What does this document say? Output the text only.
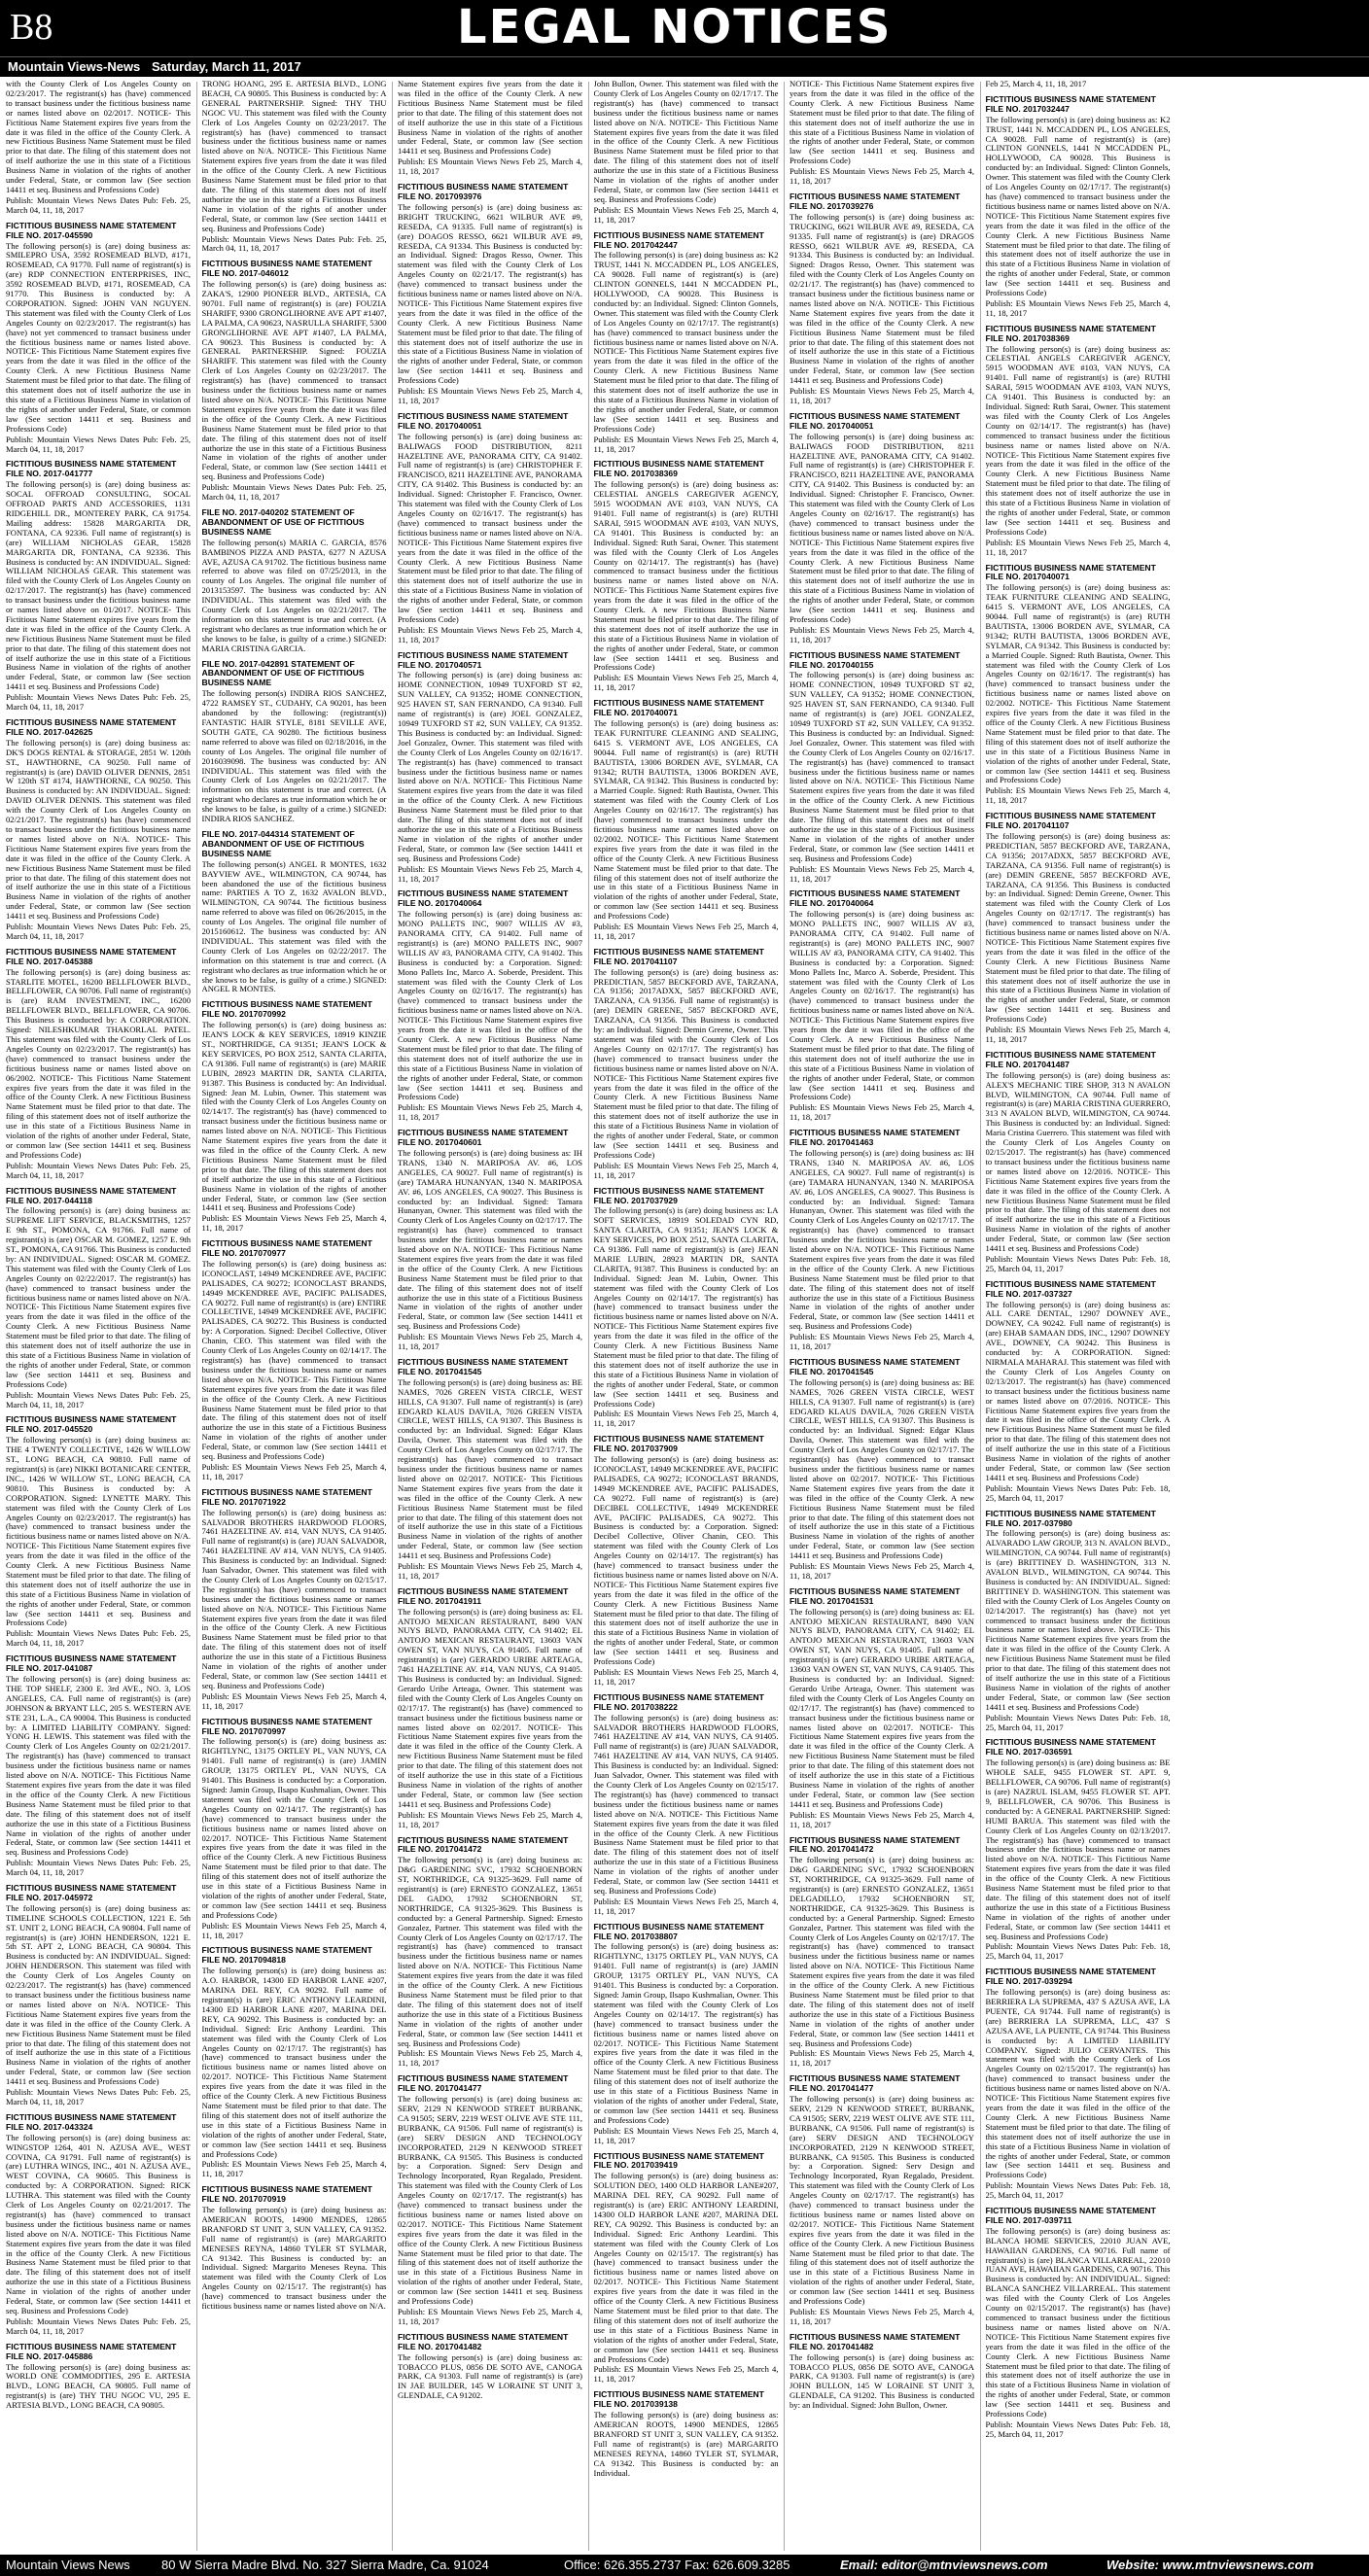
B8	LEGAL NOTICES
Mountain Views-News Saturday, March 11, 2017
with the County Clerk of Los Angeles County on 02/23/2017. The registrant(s) has (have) commenced to transact business under the fictitious business name or names listed above on 02/2017. NOTICE- This Fictitious Name Statement expires five years from the date it was filed in the office of the County Clerk. A new Fictitious Business Name Statement must be filed prior to that date. The filing of this statement does not of itself authorize the use in this state of a Fictitious Business Name in violation of the rights of another under Federal, State, or common law (See section 14411 et seq. Business and Professions Code)
Publish: Mountain Views News Dates Pub: Feb. 25, March 04, 11, 18, 2017
FICTITIOUS BUSINESS NAME STATEMENT FILE NO. 2017-045590
The following person(s) is (are) doing business as: SMILEPRO USA, 3592 ROSEMEAD BLVD, #171, ROSEMEAD, CA 91770. Full name of registrant(s) is (are) RDP CONNECTION ENTERPRISES, INC, 3592 ROSEMEAD BLVD, #171, ROSEMEAD, CA 91770. This Business is conducted by: A CORPORATION. Signed: JOHN VAN NGUYEN. This statement was filed with the County Clerk of Los Angeles County on 02/23/2017. The registrant(s) has (have) not yet commenced to transact business under the fictitious business name or names listed above. NOTICE- This Fictitious Name Statement expires five years from the date it was filed in the office of the County Clerk. A new Fictitious Business Name Statement must be filed prior to that date. The filing of this statement does not of itself authorize the use in this state of a Fictitious Business Name in violation of the rights of another under Federal, State, or common law (See section 14411 et seq. Business and Professions Code)
Publish: Mountain Views News Dates Pub: Feb. 25, March 04, 11, 18, 2017
FICTITIOUS BUSINESS NAME STATEMENT FILE NO. 2017-041777
The following person(s) is (are) doing business as: SOCAL OFFROAD CONSULTING, SOCAL OFFROAD PARTS AND ACCESSORIES, 1131 RIDGEHILL DR., MONTEREY PARK, CA 91754. Mailing address: 15828 MARGARITA DR, FONTANA, CA 92336. Full name of registrant(s) is (are) WILLIAM NICHOLAS GEAR, 15828 MARGARITA DR, FONTANA, CA 92336. This Business is conducted by: AN INDIVIDUAL. Signed: WILLIAM NICHOLAS GEAR. This statement was filed with the County Clerk of Los Angeles County on 02/17/2017. The registrant(s) has (have) commenced to transact business under the fictitious business name or names listed above on 01/2017. NOTICE- This Fictitious Name Statement expires five years from the date it was filed in the office of the County Clerk. A new Fictitious Business Name Statement must be filed prior to that date. The filing of this statement does not of itself authorize the use in this state of a Fictitious Business Name in violation of the rights of another under Federal, State, or common law (See section 14411 et seq. Business and Professions Code)
Publish: Mountain Views News Dates Pub: Feb. 25, March 04, 11, 18, 2017
FICTITIOUS BUSINESS NAME STATEMENT FILE NO. 2017-042625
The following person(s) is (are) doing business as: DK'S DOGS RENTAL & STORAGE, 2851 W. 120th ST., HAWTHORNE, CA 90250. Full name of registrant(s) is (are) DAVID OLIVER DENNIS, 2851 W 120th ST #174, HAWTHORNE, CA 90250. This Business is conducted by: AN INDIVIDUAL. Signed: DAVID OLIVER DENNIS. This statement was filed with the County Clerk of Los Angeles County on 02/21/2017. The registrant(s) has (have) commenced to transact business under the fictitious business name or names listed above on N/A. NOTICE- This Fictitious Name Statement expires five years from the date it was filed in the office of the County Clerk. A new Fictitious Business Name Statement must be filed prior to that date. The filing of this statement does not of itself authorize the use in this state of a Fictitious Business Name in violation of the rights of another under Federal, State, or common law (See section 14411 et seq. Business and Professions Code)
Publish: Mountain Views News Dates Pub: Feb. 25, March 04, 11, 18, 2017
FICTITIOUS BUSINESS NAME STATEMENT FILE NO. 2017-045388
The following person(s) is (are) doing business as: STARLITE MOTEL, 16200 BELLFLOWER BLVD., BELLFLOWER, CA 90706. Full name of registrant(s) is (are) RAM INVESTMENT, INC., 16200 BELLFLOWER BLVD., BELLFLOWER, CA 90706. This Business is conducted by: A CORPORATION. Signed: NILESHKUMAR THAKORLAL PATEL. This statement was filed with the County Clerk of Los Angeles County on 02/23/2017. The registrant(s) has (have) commenced to transact business under the fictitious business name or names listed above on 06/2002. NOTICE- This Fictitious Name Statement expires five years from the date it was filed in the office of the County Clerk. A new Fictitious Business Name Statement must be filed prior to that date. The filing of this statement does not of itself authorize the use in this state of a Fictitious Business Name in violation of the rights of another under Federal, State, or common law (See section 14411 et seq. Business and Professions Code)
Publish: Mountain Views News Dates Pub: Feb. 25, March 04, 11, 18, 2017
FICTITIOUS BUSINESS NAME STATEMENT FILE NO. 2017-044118
The following person(s) is (are) doing business as: SUPREME LIFT SERVICE, BLACKSMITHS, 1257 E 9th ST., POMONA, CA 91766. Full name of registrant(s) is (are) OSCAR M. GOMEZ, 1257 E. 9th ST., POMONA, CA 91766. This Business is conducted by: AN INDIVIDUAL. Signed: OSCAR M. GOMEZ. This statement was filed with the County Clerk of Los Angeles County on 02/22/2017. The registrant(s) has (have) commenced to transact business under the fictitious business name or names listed above on N/A. NOTICE- This Fictitious Name Statement expires five years from the date it was filed in the office of the County Clerk. A new Fictitious Business Name Statement must be filed prior to that date. The filing of this statement does not of itself authorize the use in this state of a Fictitious Business Name in violation of the rights of another under Federal, State, or common law (See section 14411 et seq. Business and Professions Code)
Publish: Mountain Views News Dates Pub: Feb. 25, March 04, 11, 18, 2017
FICTITIOUS BUSINESS NAME STATEMENT FILE NO. 2017-045520
The following person(s) is (are) doing business as: THE 4 TWENTY COLLECTIVE, 1426 W WILLOW ST., LONG BEACH, CA 90810. Full name of registrant(s) is (are) NIKKI BOTANICARE CENTER, INC., 1426 W WILLOW ST., LONG BEACH, CA 90810. This Business is conducted by: A CORPORATION. Signed: LYNETTE MARY. This statement was filed with the County Clerk of Los Angeles County on 02/23/2017. The registrant(s) has (have) commenced to transact business under the fictitious business name or names listed above on N/A. NOTICE- This Fictitious Name Statement expires five years from the date it was filed in the office of the County Clerk. A new Fictitious Business Name Statement must be filed prior to that date. The filing of this statement does not of itself authorize the use in this state of a Fictitious Business Name in violation of the rights of another under Federal, State, or common law (See section 14411 et seq. Business and Professions Code)
Publish: Mountain Views News Dates Pub: Feb. 25, March 04, 11, 18, 2017
FICTITIOUS BUSINESS NAME STATEMENT FILE NO. 2017-041087
The following person(s) is (are) doing business as: THE TOP SHELF, 2300 E. 3rd AVE., NO. 3, LOS ANGELES, CA. Full name of registrant(s) is (are) JOHNSON & BRYANT LLC, 205 S. WESTERN AVE STE 231, L.A., CA 90004. This Business is conducted by: A LIMITED LIABILITY COMPANY. Signed: YONG H. LEWIS. This statement was filed with the County Clerk of Los Angeles County on 02/21/2017. The registrant(s) has (have) commenced to transact business under the fictitious business name or names listed above on N/A. NOTICE- This Fictitious Name Statement expires five years from the date it was filed in the office of the County Clerk. A new Fictitious Business Name Statement must be filed prior to that date. The filing of this statement does not of itself authorize the use in this state of a Fictitious Business Name in violation of the rights of another under Federal, State, or common law (See section 14411 et seq. Business and Professions Code)
Publish: Mountain Views News Dates Pub: Feb. 25, March 04, 11, 18, 2017
FICTITIOUS BUSINESS NAME STATEMENT FILE NO. 2017-045972
The following person(s) is (are) doing business as: TIMELINE SCHOOLS COLLECTION, 1221 E. 5th ST. UNIT 2, LONG BEACH, CA 90804. Full name of registrant(s) is (are) JOHN HENDERSON, 1221 E. 5th ST. APT 2, LONG BEACH, CA 90804. This Business is conducted by: AN INDIVIDUAL. Signed: JOHN HENDERSON. This statement was filed with the County Clerk of Los Angeles County on 02/23/2017. The registrant(s) has (have) commenced to transact business under the fictitious business name or names listed above on N/A. NOTICE- This Fictitious Name Statement expires five years from the date it was filed in the office of the County Clerk. A new Fictitious Business Name Statement must be filed prior to that date. The filing of this statement does not of itself authorize the use in this state of a Fictitious Business Name in violation of the rights of another under Federal, State, or common law (See section 14411 et seq. Business and Professions Code)
Publish: Mountain Views News Dates Pub: Feb. 25, March 04, 11, 18, 2017
FICTITIOUS BUSINESS NAME STATEMENT FILE NO. 2017-043324
The following person(s) is (are) doing business as: WINGSTOP 1264, 401 N. AZUSA AVE., WEST COVINA, CA 91791. Full name of registrant(s) is (are) LUTHRA WINGS, INC., 401 N. AZUSA AVE., WEST COVINA, CA 90605. This Business is conducted by: A CORPORATION. Signed: RICK LUTHRA. This statement was filed with the County Clerk of Los Angeles County on 02/21/2017. The registrant(s) has (have) commenced to transact business under the fictitious business name or names listed above on N/A. NOTICE- This Fictitious Name Statement expires five years from the date it was filed in the office of the County Clerk. A new Fictitious Business Name Statement must be filed prior to that date. The filing of this statement does not of itself authorize the use in this state of a Fictitious Business Name in violation of the rights of another under Federal, State, or common law (See section 14411 et seq. Business and Professions Code)
Publish: Mountain Views News Dates Pub: Feb. 25, March 04, 11, 18, 2017
FICTITIOUS BUSINESS NAME STATEMENT FILE NO. 2017-045886
The following person(s) is (are) doing business as: WORLD ONE COMMODITIES, 295 E. ARTESIA BLVD., LONG BEACH, CA 90805. Full name of registrant(s) is (are) THY THU NGOC VU, 295 E. ARTESIA BLVD., LONG BEACH, CA 90805.
TRONG HOANG, 295 E. ARTESIA BLVD., LONG BEACH, CA 90805. This Business is conducted by: A GENERAL PARTNERSHIP. Signed: THY THU NGOC VU. This statement was filed with the County Clerk of Los Angeles County on 02/23/2017. The registrant(s) has (have) commenced to transact business under the fictitious business name or names listed above on N/A. NOTICE- This Fictitious Name Statement expires five years from the date it was filed in the office of the County Clerk. A new Fictitious Business Name Statement must be filed prior to that date. The filing of this statement does not of itself authorize the use in this state of a Fictitious Business Name in violation of the rights of another under Federal, State, or common law (See section 14411 et seq. Business and Professions Code)
Publish: Mountain Views News Dates Pub: Feb. 25, March 04, 11, 18, 2017
FICTITIOUS BUSINESS NAME STATEMENT FILE NO. 2017-046012
The following person(s) is (are) doing business as: ZAKA'S, 12900 PIONEER BLVD., ARTESIA, CA 90701. Full name of registrant(s) is (are) FOUZIA SHARIFF, 9300 GRONGLIHORNE AVE APT #1407, LA PALMA, CA 90623, NASRULLA SHARIFF, 5300 GRONGLIHORNE AVE APT #1407, LA PALMA, CA 90623. This Business is conducted by: A GENERAL PARTNERSHIP. Signed: FOUZIA SHARIFF. This statement was filed with the County Clerk of Los Angeles County on 02/23/2017. The registrant(s) has (have) commenced to transact business under the fictitious business name or names listed above on N/A. NOTICE- This Fictitious Name Statement expires five years from the date it was filed in the office of the County Clerk. A new Fictitious Business Name Statement must be filed prior to that date. The filing of this statement does not of itself authorize the use in this state of a Fictitious Business Name in violation of the rights of another under Federal, State, or common law (See section 14411 et seq. Business and Professions Code)
Publish: Mountain Views News Dates Pub: Feb. 25, March 04, 11, 18, 2017
FILE NO. 2017-040202 STATEMENT OF ABANDONMENT OF USE OF FICTITIOUS BUSINESS NAME
The following person(s) MARIA C. GARCIA, 8576 BAMBINOS PIZZA AND PASTA, 6277 N AZUSA AVE, AZUSA CA 91702. The fictitious business name referred to above was filed on 07/25/2013, in the county of Los Angeles. The original file number of 2013153597. The business was conducted by: AN INDIVIDUAL. This statement was filed with the County Clerk of Los Angeles on 02/21/2017. The information on this statement is true and correct. (A registrant who declares as true information which he or she knows to be false, is guilty of a crime.) SIGNED: MARIA CRISTINA GARCIA.
FILE NO. 2017-042891 STATEMENT OF ABANDONMENT OF USE OF FICTITIOUS BUSINESS NAME
The following person(s) INDIRA RIOS SANCHEZ, 4722 RAMSEY ST., CUDAHY, CA 90201, has been abandoned by the following: (registrant(s)) FANTASTIC HAIR STYLE, 8181 SEVILLE AVE, SOUTH GATE, CA 90280. The fictitious business name referred to above was filed on 02/18/2016, in the county of Los Angeles. The original file number of 2016039098. The business was conducted by: AN INDIVIDUAL. This statement was filed with the County Clerk of Los Angeles on 02/21/2017. The information on this statement is true and correct. (A registrant who declares as true information which he or she knows to be false, is guilty of a crime.) SIGNED: INDIRA RIOS SANCHEZ.
FILE NO. 2017-044314 STATEMENT OF ABANDONMENT OF USE OF FICTITIOUS BUSINESS NAME
The following person(s) ANGEL R MONTES, 1632 BAYVIEW AVE., WILMINGTON, CA 90744, has been abandoned the use of the fictitious business name: PARTIES A TO Z, 1632 AVALON BLVD., WILMINGTON, CA 90744. The fictitious business name referred to above was filed on 06/26/2015, in the county of Los Angeles. The original file number of 2015160612. The business was conducted by: AN INDIVIDUAL. This statement was filed with the County Clerk of Los Angeles on 02/22/2017. The information on this statement is true and correct. (A registrant who declares as true information which he or she knows to be false, is guilty of a crime.) SIGNED: ANGEL R MONTES.
FICTITIOUS BUSINESS NAME STATEMENT FILE NO. 2017070992
The following person(s) is (are) doing business as: JEAN'S LOCK & KEY SERVICES, 18919 KINZIE ST., NORTHRIDGE, CA 91351; JEAN'S LOCK & KEY SERVICES, PO BOX 2512, SANTA CLARITA, CA 91386. Full name of registrant(s) is (are) MARIE LUBIN, 28923 MARTIN DR, SANTA CLARITA, 91387. This Business is conducted by: An Individual. Signed: Jean M. Lubin, Owner. This statement was filed with the County Clerk of Los Angeles County on 02/14/17. The registrant(s) has (have) commenced to transact business under the fictitious business name or names listed above on N/A. NOTICE- This Fictitious Name Statement expires five years from the date it was filed in the office of the County Clerk. A new Fictitious Business Name Statement must be filed prior to that date. The filing of this statement does not of itself authorize the use in this state of a Fictitious Business Name in violation of the rights of another under Federal, State, or common law (See section 14411 et seq. Business and Professions Code)
Publish: ES Mountain Views News Feb 25, March 4, 11, 18, 2017
FICTITIOUS BUSINESS NAME STATEMENT FILE NO. 2017070977
The following person(s) is (are) doing business as: ICONOCLAST, 14949 MCKENDREE AVE, PACIFIC PALISADES, CA 90272; ICONOCLAST BRANDS, 14949 MCKENDREE AVE, PACIFIC PALISADES, CA 90272. Full name of registrant(s) is (are) ENTIRE COLLECTIVE, 14949 MCKENDREE AVE, PACIFIC PALISADES, CA 90272. This Business is conducted by: A Corporation. Signed: Decibel Collective, Oliver Chanin, CEO. This statement was filed with the County Clerk of Los Angeles County on 02/14/17. The registrant(s) has (have) commenced to transact business under the fictitious business name or names listed above on N/A. NOTICE- This Fictitious Name Statement expires five years from the date it was filed in the office of the County Clerk. A new Fictitious Business Name Statement must be filed prior to that date. The filing of this statement does not of itself authorize the use in this state of a Fictitious Business Name in violation of the rights of another under Federal, State, or common law (See section 14411 et seq. Business and Professions Code)
Publish: ES Mountain Views News Feb 25, March 4, 11, 18, 2017
FICTITIOUS BUSINESS NAME STATEMENT FILE NO. 2017071922
The following person(s) is (are) doing business as: SALVADOR BROTHERS HARDWOOD FLOORS, 7461 HAZELTINE AV. #14, VAN NUYS, CA 91405. Full name of registrant(s) is (are) JUAN SALVADOR, 7461 HAZELTINE AV #14, VAN NUYS, CA 91405. This Business is conducted by: an Individual. Signed: Juan Salvador, Owner. This statement was filed with the County Clerk of Los Angeles County on 02/15/17. The registrant(s) has (have) commenced to transact business under the fictitious business name or names listed above on N/A. NOTICE- This Fictitious Name Statement expires five years from the date it was filed in the office of the County Clerk. A new Fictitious Business Name Statement must be filed prior to that date. The filing of this statement does not of itself authorize the use in this state of a Fictitious Business Name in violation of the rights of another under Federal, State, or common law (See section 14411 et seq. Business and Professions Code)
Publish: ES Mountain Views News Feb 25, March 4, 11, 18, 2017
FICTITIOUS BUSINESS NAME STATEMENT FILE NO. 2017070997
The following person(s) is (are) doing business as: RIGHTLYNC, 13175 ORTLEY PL, VAN NUYS, CA 91401. Full name of registrant(s) is (are) JAMIN GROUP, 13175 ORTLEY PL, VAN NUYS, CA 91401. This Business is conducted by: a Corporation. Signed: Jamin Group, Ilsapo Kushmalian, Owner. This statement was filed with the County Clerk of Los Angeles County on 02/14/17. The registrant(s) has (have) commenced to transact business under the fictitious business name or names listed above on 02/2017. NOTICE- This Fictitious Name Statement expires five years from the date it was filed in the office of the County Clerk. A new Fictitious Business Name Statement must be filed prior to that date. The filing of this statement does not of itself authorize the use in this state of a Fictitious Business Name in violation of the rights of another under Federal, State, or common law (See section 14411 et seq. Business and Professions Code)
Publish: ES Mountain Views News Feb 25, March 4, 11, 18, 2017
FICTITIOUS BUSINESS NAME STATEMENT FILE NO. 2017094818
The following person(s) is (are) doing business as: A.O. HARBOR, 14300 ED HARBOR LANE #207, MARINA DEL REY, CA 90292. Full name of registrant(s) is (are) ERIC ANTHONY LEARDINI, 14300 ED HARBOR LANE #207, MARINA DEL REY, CA 90292. This Business is conducted by: an Individual. Signed: Eric Anthony Leardini. This statement was filed with the County Clerk of Los Angeles County on 02/17/17. The registrant(s) has (have) commenced to transact business under the fictitious business name or names listed above on 02/2017. NOTICE- This Fictitious Name Statement expires five years from the date it was filed in the office of the County Clerk. A new Fictitious Business Name Statement must be filed prior to that date. The filing of this statement does not of itself authorize the use in this state of a Fictitious Business Name in violation of the rights of another under Federal, State, or common law (See section 14411 et seq. Business and Professions Code)
Publish: ES Mountain Views News Feb 25, March 4, 11, 18, 2017
FICTITIOUS BUSINESS NAME STATEMENT FILE NO. 2017070919
The following person(s) is (are) doing business as: AMERICAN ROOTS, 14900 MENDES, 12865 BRANFORD ST UNIT 3, SUN VALLEY, CA 91352. Full name of registrant(s) is (are) MARGARITO MENESES REYNA, 14860 TYLER ST SYLMAR, CA 91342. This Business is conducted by: an Individual. Signed: Margarito Meneses Reyna. This statement was filed with the County Clerk of Los Angeles County on 02/15/17. The registrant(s) has (have) commenced to transact business under the fictitious business name or names listed above on N/A.
Name Statement expires five years from the date it was filed in the office of the County Clerk. A new Fictitious Business Name Statement must be filed prior to that date. The filing of this statement does not of itself authorize the use in this state of a Fictitious Business Name in violation of the rights of another under Federal, State, or common law (See section 14411 et seq. Business and Professions Code)
Publish: ES Mountain Views News Feb 25, March 4, 11, 18, 2017
FICTITIOUS BUSINESS NAME STATEMENT FILE NO. 2017093976
The following person(s) is (are) doing business as: BRIGHT TRUCKING, 6621 WILBUR AVE #9, RESEDA, CA 91335. Full name of registrant(s) is (are) DOAGOS RESSO, 6621 WILBUR AVE #9, RESEDA, CA 91334. This Business is conducted by: an Individual. Signed: Dragos Resso, Owner. This statement was filed with the County Clerk of Los Angeles County on 02/21/17. The registrant(s) has (have) commenced to transact business under the fictitious business name or names listed above on N/A. NOTICE- This Fictitious Name Statement expires five years from the date it was filed in the office of the County Clerk. A new Fictitious Business Name Statement must be filed prior to that date. The filing of this statement does not of itself authorize the use in this state of a Fictitious Business Name in violation of the rights of another under Federal, State, or common law (See section 14411 et seq. Business and Professions Code)
Publish: ES Mountain Views News Feb 25, March 4, 11, 18, 2017
FICTITIOUS BUSINESS NAME STATEMENT FILE NO. 2017040051
The following person(s) is (are) doing business as: BALIWAGS FOOD DISTRIBUTION, 8211 HAZELTINE AVE, PANORAMA CITY, CA 91402. Full name of registrant(s) is (are) CHRISTOPHER F. FRANCISCO, 8211 HAZELTINE AVE, PANORAMA CITY, CA 91402. This Business is conducted by: an Individual. Signed: Christopher F. Francisco, Owner. This statement was filed with the County Clerk of Los Angeles County on 02/16/17. The registrant(s) has (have) commenced to transact business under the fictitious business name or names listed above on N/A. NOTICE- This Fictitious Name Statement expires five years from the date it was filed in the office of the County Clerk. A new Fictitious Business Name Statement must be filed prior to that date. The filing of this statement does not of itself authorize the use in this state of a Fictitious Business Name in violation of the rights of another under Federal, State, or common law (See section 14411 et seq. Business and Professions Code)
Publish: ES Mountain Views News Feb 25, March 4, 11, 18, 2017
FICTITIOUS BUSINESS NAME STATEMENT FILE NO. 2017040571
The following person(s) is (are) doing business as: HOME CONNECTION, 10949 TUXFORD ST #2, SUN VALLEY, CA 91352; HOME CONNECTION, 925 HAVEN ST, SAN FERNANDO, CA 91340. Full name of registrant(s) is (are) JOEL GONZALEZ, 10949 TUXFORD ST #2, SUN VALLEY, CA 91352. This Business is conducted by: an Individual. Signed: Joel Gonzalez, Owner. This statement was filed with the County Clerk of Los Angeles County on 02/16/17. The registrant(s) has (have) commenced to transact business under the fictitious business name or names listed above on N/A. NOTICE- This Fictitious Name Statement expires five years from the date it was filed in the office of the County Clerk. A new Fictitious Business Name Statement must be filed prior to that date. The filing of this statement does not of itself authorize the use in this state of a Fictitious Business Name in violation of the rights of another under Federal, State, or common law (See section 14411 et seq. Business and Professions Code)
Publish: ES Mountain Views News Feb 25, March 4, 11, 18, 2017
FICTITIOUS BUSINESS NAME STATEMENT FILE NO. 2017040064
The following person(s) is (are) doing business as: MONO PALLETS INC, 9007 WILLIS AV #3, PANORAMA CITY, CA 91402. Full name of registrant(s) is (are) MONO PALLETS INC, 9007 WILLIS AV #3, PANORAMA CITY, CA 91402. This Business is conducted by: a Corporation. Signed: Mono Pallets Inc, Marco A. Soberde, President. This statement was filed with the County Clerk of Los Angeles County on 02/16/17. The registrant(s) has (have) commenced to transact business under the fictitious business name or names listed above on N/A. NOTICE- This Fictitious Name Statement expires five years from the date it was filed in the office of the County Clerk. A new Fictitious Business Name Statement must be filed prior to that date. The filing of this statement does not of itself authorize the use in this state of a Fictitious Business Name in violation of the rights of another under Federal, State, or common law (See section 14411 et seq. Business and Professions Code)
Publish: ES Mountain Views News Feb 25, March 4, 11, 18, 2017
FICTITIOUS BUSINESS NAME STATEMENT FILE NO. 2017040601
The following person(s) is (are) doing business as: IH TRANS, 1340 N. MARIPOSA AV. #6, LOS ANGELES, CA 90027. Full name of registrant(s) is (are) TAMARA HUNANYAN, 1340 N. MARIPOSA AV. #6, LOS ANGELES, CA 90027. This Business is conducted by: an Individual. Signed: Tamara Hunanyan, Owner. This statement was filed with the County Clerk of Los Angeles County on 02/17/17. The registrant(s) has (have) commenced to transact business under the fictitious business name or names listed above on N/A. NOTICE- This Fictitious Name Statement expires five years from the date it was filed in the office of the County Clerk. A new Fictitious Business Name Statement must be filed prior to that date. The filing of this statement does not of itself authorize the use in this state of a Fictitious Business Name in violation of the rights of another under Federal, State, or common law (See section 14411 et seq. Business and Professions Code)
Publish: ES Mountain Views News Feb 25, March 4, 11, 18, 2017
FICTITIOUS BUSINESS NAME STATEMENT FILE NO. 2017041545
The following person(s) is (are) doing business as: BE NAMES, 7026 GREEN VISTA CIRCLE, WEST HILLS, CA 91307. Full name of registrant(s) is (are) EDGARD KLAUS DAVILA, 7026 GREEN VISTA CIRCLE, WEST HILLS, CA 91307. This Business is conducted by: an Individual. Signed: Edgar Klaus Davila, Owner. This statement was filed with the County Clerk of Los Angeles County on 02/17/17. The registrant(s) has (have) commenced to transact business under the fictitious business name or names listed above on 02/2017. NOTICE- This Fictitious Name Statement expires five years from the date it was filed in the office of the County Clerk. A new Fictitious Business Name Statement must be filed prior to that date. The filing of this statement does not of itself authorize the use in this state of a Fictitious Business Name in violation of the rights of another under Federal, State, or common law (See section 14411 et seq. Business and Professions Code)
Publish: ES Mountain Views News Feb 25, March 4, 11, 18, 2017
FICTITIOUS BUSINESS NAME STATEMENT FILE NO. 2017041911
The following person(s) is (are) doing business as: EL ANTOJO MEXICAN RESTAURANT, 8490 VAN NUYS BLVD, PANORAMA CITY, CA 91402; EL ANTOJO MEXICAN RESTAURANT, 13603 VAN OWEN ST, VAN NUYS, CA 91405. Full name of registrant(s) is (are) GERARDO URIBE ARTEAGA, 7461 HAZELTINE AV. #14, VAN NUYS, CA 91405. This Business is conducted by: an Individual. Signed: Gerardo Uribe Arteaga, Owner. This statement was filed with the County Clerk of Los Angeles County on 02/17/17. The registrant(s) has (have) commenced to transact business under the fictitious business name or names listed above on 02/2017. NOTICE- This Fictitious Name Statement expires five years from the date it was filed in the office of the County Clerk. A new Fictitious Business Name Statement must be filed prior to that date. The filing of this statement does not of itself authorize the use in this state of a Fictitious Business Name in violation of the rights of another under Federal, State, or common law (See section 14411 et seq. Business and Professions Code)
Publish: ES Mountain Views News Feb 25, March 4, 11, 18, 2017
FICTITIOUS BUSINESS NAME STATEMENT FILE NO. 2017041472
The following person(s) is (are) doing business as: D&G GARDENING SVC, 17932 SCHOENBORN ST, NORTHRIDGE, CA 91325-3629. Full name of registrant(s) is (are) ERNESTO GONZALEZ, 13651 DEL GADO, 17932 SCHOENBORN ST, NORTHRIDGE, CA 91325-3629. This Business is conducted by: a General Partnership. Signed: Ernesto Gonzalez, Partner. This statement was filed with the County Clerk of Los Angeles County on 02/17/17. The registrant(s) has (have) commenced to transact business under the fictitious business name or names listed above on N/A. NOTICE- This Fictitious Name Statement expires five years from the date it was filed in the office of the County Clerk. A new Fictitious Business Name Statement must be filed prior to that date. The filing of this statement does not of itself authorize the use in this state of a Fictitious Business Name in violation of the rights of another under Federal, State, or common law (See section 14411 et seq. Business and Professions Code)
Publish: ES Mountain Views News Feb 25, March 4, 11, 18, 2017
FICTITIOUS BUSINESS NAME STATEMENT FILE NO. 2017041477
The following person(s) is (are) doing business as: SERV, 2129 N KENWOOD STREET BURBANK, CA 91505; SERV, 2219 WEST OLIVE AVE STE 111, BURBANK, CA 91506. Full name of registrant(s) is (are) SERV DESIGN AND TECHNOLOGY INCORPORATED, 2129 N KENWOOD STREET BURBANK, CA 91505. This Business is conducted by: a Corporation. Signed: Serv Design and Technology Incorporated, Ryan Regalado, President. This statement was filed with the County Clerk of Los Angeles County on 02/17/17. The registrant(s) has (have) commenced to transact business under the fictitious business name or names listed above on 02/2017. NOTICE- This Fictitious Name Statement expires five years from the date it was filed in the office of the County Clerk. A new Fictitious Business Name Statement must be filed prior to that date. The filing of this statement does not of itself authorize the use in this state of a Fictitious Business Name in violation of the rights of another under Federal, State, or common law (See section 14411 et seq. Business and Professions Code)
Publish: ES Mountain Views News Feb 25, March 4, 11, 18, 2017
FICTITIOUS BUSINESS NAME STATEMENT FILE NO. 2017041482
The following person(s) is (are) doing business as: TOBACCO PLUS, 0856 DE SOTO AVE, CANOGA PARK, CA 91303. Full name of registrant(s) is (are) IN JAE BUILDER, 145 W LORAINE ST UNIT 3, GLENDALE, CA 91202.
John Bullon, Owner. This statement was filed with the County Clerk of Los Angeles County on 02/17/17. The registrant(s) has (have) commenced to transact business under the fictitious business name or names listed above on N/A. NOTICE- This Fictitious Name Statement expires five years from the date it was filed in the office of the County Clerk. A new Fictitious Business Name Statement must be filed prior to that date. The filing of this statement does not of itself authorize the use in this state of a Fictitious Business Name in violation of the rights of another under Federal, State, or common law (See section 14411 et seq. Business and Professions Code)
Publish: ES Mountain Views News Feb 25, March 4, 11, 18, 2017
FICTITIOUS BUSINESS NAME STATEMENT FILE NO. 2017042447
The following person(s) is (are) doing business as: K2 TRUST, 1441 N. MCCADDEN PL, LOS ANGELES, CA 90028. Full name of registrant(s) is (are) CLINTON GONNELS, 1441 N MCCADDEN PL, HOLLYWOOD, CA 90028. This Business is conducted by: an Individual. Signed: Clinton Gonnels, Owner. This statement was filed with the County Clerk of Los Angeles County on 02/17/17. The registrant(s) has (have) commenced to transact business under the fictitious business name or names listed above on N/A. NOTICE- This Fictitious Name Statement expires five years from the date it was filed in the office of the County Clerk. A new Fictitious Business Name Statement must be filed prior to that date. The filing of this statement does not of itself authorize the use in this state of a Fictitious Business Name in violation of the rights of another under Federal, State, or common law (See section 14411 et seq. Business and Professions Code)
Publish: ES Mountain Views News Feb 25, March 4, 11, 18, 2017
FICTITIOUS BUSINESS NAME STATEMENT FILE NO. 2017038369
The following person(s) is (are) doing business as: CELESTIAL ANGELS CAREGIVER AGENCY, 5915 WOODMAN AVE #103, VAN NUYS, CA 91401. Full name of registrant(s) is (are) RUTHI SARAI, 5915 WOODMAN AVE #103, VAN NUYS, CA 91401. This Business is conducted by: an Individual. Signed: Ruth Sarai, Owner. This statement was filed with the County Clerk of Los Angeles County on 02/14/17. The registrant(s) has (have) commenced to transact business under the fictitious business name or names listed above on N/A. NOTICE- This Fictitious Name Statement expires five years from the date it was filed in the office of the County Clerk. A new Fictitious Business Name Statement must be filed prior to that date. The filing of this statement does not of itself authorize the use in this state of a Fictitious Business Name in violation of the rights of another under Federal, State, or common law (See section 14411 et seq. Business and Professions Code)
Publish: ES Mountain Views News Feb 25, March 4, 11, 18, 2017
FICTITIOUS BUSINESS NAME STATEMENT FILE NO. 2017040071
The following person(s) is (are) doing business as: TEAK FURNITURE CLEANING AND SEALING, 6415 S. VERMONT AVE, LOS ANGELES, CA 90044. Full name of registrant(s) is (are) RUTH BAUTISTA, 13006 BORDEN AVE, SYLMAR, CA 91342; RUTH BAUTISTA, 13006 BORDEN AVE, SYLMAR, CA 91342. This Business is conducted by: a Married Couple. Signed: Ruth Bautista, Owner. This statement was filed with the County Clerk of Los Angeles County on 02/16/17. The registrant(s) has (have) commenced to transact business under the fictitious business name or names listed above on 02/2002. NOTICE- This Fictitious Name Statement expires five years from the date it was filed in the office of the County Clerk. A new Fictitious Business Name Statement must be filed prior to that date. The filing of this statement does not of itself authorize the use in this state of a Fictitious Business Name in violation of the rights of another under Federal, State, or common law (See section 14411 et seq. Business and Professions Code)
Publish: ES Mountain Views News Feb 25, March 4, 11, 18, 2017
FICTITIOUS BUSINESS NAME STATEMENT FILE NO. 2017041107
The following person(s) is (are) doing business as: PREDICTIAN, 5857 BECKFORD AVE, TARZANA, CA 91356; 2017ADXX, 5857 BECKFORD AVE, TARZANA, CA 91356. Full name of registrant(s) is (are) DEMIN GREENE, 5857 BECKFORD AVE, TARZANA, CA 91356. This Business is conducted by: an Individual. Signed: Demin Greene, Owner. This statement was filed with the County Clerk of Los Angeles County on 02/17/17. The registrant(s) has (have) commenced to transact business under the fictitious business name or names listed above on N/A. NOTICE- This Fictitious Name Statement expires five years from the date it was filed in the office of the County Clerk. A new Fictitious Business Name Statement must be filed prior to that date. The filing of this statement does not of itself authorize the use in this state of a Fictitious Business Name in violation of the rights of another under Federal, State, or common law (See section 14411 et seq. Business and Professions Code)
Publish: ES Mountain Views News Feb 25, March 4, 11, 18, 2017
FICTITIOUS BUSINESS NAME STATEMENT FILE NO. 2017037929
The following person(s) is (are) doing business as: LA SOFT SERVICES, 18919 SOLEDAD CYN RD, SANTA CLARITA, CA 91351; JEAN'S LOCK & KEY SERVICES, PO BOX 2512, SANTA CLARITA, CA 91386. Full name of registrant(s) is (are) JEAN MARIE LUBIN, 28923 MARTIN DR, SANTA CLARITA, 91387. This Business is conducted by: an Individual. Signed: Jean M. Lubin, Owner. This statement was filed with the County Clerk of Los Angeles County on 02/14/17. The registrant(s) has (have) commenced to transact business under the fictitious business name or names listed above on N/A. NOTICE- This Fictitious Name Statement expires five years from the date it was filed in the office of the County Clerk. A new Fictitious Business Name Statement must be filed prior to that date. The filing of this statement does not of itself authorize the use in this state of a Fictitious Business Name in violation of the rights of another under Federal, State, or common law (See section 14411 et seq. Business and Professions Code)
Publish: ES Mountain Views News Feb 25, March 4, 11, 18, 2017
FICTITIOUS BUSINESS NAME STATEMENT FILE NO. 2017037909
The following person(s) is (are) doing business as: ICONOCLAST, 14949 MCKENDREE AVE, PACIFIC PALISADES, CA 90272; ICONOCLAST BRANDS, 14949 MCKENDREE AVE, PACIFIC PALISADES, CA 90272. Full name of registrant(s) is (are) DECIBEL COLLECTIVE, 14949 MCKENDREE AVE, PACIFIC PALISADES, CA 90272. This Business is conducted by: a Corporation. Signed: Decibel Collective, Oliver Chanin, CEO. This statement was filed with the County Clerk of Los Angeles County on 02/14/17. The registrant(s) has (have) commenced to transact business under the fictitious business name or names listed above on N/A. NOTICE- This Fictitious Name Statement expires five years from the date it was filed in the office of the County Clerk. A new Fictitious Business Name Statement must be filed prior to that date. The filing of this statement does not of itself authorize the use in this state of a Fictitious Business Name in violation of the rights of another under Federal, State, or common law (See section 14411 et seq. Business and Professions Code)
Publish: ES Mountain Views News Feb 25, March 4, 11, 18, 2017
FICTITIOUS BUSINESS NAME STATEMENT FILE NO. 2017038222
The following person(s) is (are) doing business as: SALVADOR BROTHERS HARDWOOD FLOORS, 7461 HAZELTINE AV #14, VAN NUYS, CA 91405. Full name of registrant(s) is (are) JUAN SALVADOR, 7461 HAZELTINE AV #14, VAN NUYS, CA 91405. This Business is conducted by: an Individual. Signed: Juan Salvador, Owner. This statement was filed with the County Clerk of Los Angeles County on 02/15/17. The registrant(s) has (have) commenced to transact business under the fictitious business name or names listed above on N/A. NOTICE- This Fictitious Name Statement expires five years from the date it was filed in the office of the County Clerk. A new Fictitious Business Name Statement must be filed prior to that date. The filing of this statement does not of itself authorize the use in this state of a Fictitious Business Name in violation of the rights of another under Federal, State, or common law (See section 14411 et seq. Business and Professions Code)
Publish: ES Mountain Views News Feb 25, March 4, 11, 18, 2017
FICTITIOUS BUSINESS NAME STATEMENT FILE NO. 2017038807
The following person(s) is (are) doing business as: RIGHTLYNC, 13175 ORTLEY PL, VAN NUYS, CA 91401. Full name of registrant(s) is (are) JAMIN GROUP, 13175 ORTLEY PL, VAN NUYS, CA 91401. This Business is conducted by: a Corporation. Signed: Jamin Group, Ilsapo Kushmalian, Owner. This statement was filed with the County Clerk of Los Angeles County on 02/14/17. The registrant(s) has (have) commenced to transact business under the fictitious business name or names listed above on 02/2017. NOTICE- This Fictitious Name Statement expires five years from the date it was filed in the office of the County Clerk. A new Fictitious Business Name Statement must be filed prior to that date. The filing of this statement does not of itself authorize the use in this state of a Fictitious Business Name in violation of the rights of another under Federal, State, or common law (See section 14411 et seq. Business and Professions Code)
Publish: ES Mountain Views News Feb 25, March 4, 11, 18, 2017
FICTITIOUS BUSINESS NAME STATEMENT FILE NO. 2017039419
The following person(s) is (are) doing business as: SOLUTION DEO, 1400 OLD HARBOR LANE#207, MARINA DEL REY, CA 90292. Full name of registrant(s) is (are) ERIC ANTHONY LEARDINI, 14300 OLD HARBOR LANE #207, MARINA DEL REY, CA 90292. This Business is conducted by: an Individual. Signed: Eric Anthony Leardini. This statement was filed with the County Clerk of Los Angeles County on 02/15/17. The registrant(s) has (have) commenced to transact business under the fictitious business name or names listed above on 02/2017. NOTICE- This Fictitious Name Statement expires five years from the date it was filed in the office of the County Clerk. A new Fictitious Business Name Statement must be filed prior to that date. The filing of this statement does not of itself authorize the use in this state of a Fictitious Business Name in violation of the rights of another under Federal, State, or common law (See section 14411 et seq. Business and Professions Code)
Publish: ES Mountain Views News Feb 25, March 4, 11, 18, 2017
FICTITIOUS BUSINESS NAME STATEMENT FILE NO. 2017039138
The following person(s) is (are) doing business as: AMERICAN ROOTS, 14900 MENDES, 12865 BRANFORD ST UNIT 3, SUN VALLEY, CA 91352. Full name of registrant(s) is (are) MARGARITO MENESES REYNA, 14860 TYLER ST, SYLMAR, CA 91342. This Business is conducted by: an Individual.
NOTICE- This Fictitious Name Statement expires five years from the date it was filed in the office of the County Clerk. A new Fictitious Business Name Statement must be filed prior to that date. The filing of this statement does not of itself authorize the use in this state of a Fictitious Business Name in violation of the rights of another under Federal, State, or common law (See section 14411 et seq. Business and Professions Code)
Publish: ES Mountain Views News Feb 25, March 4, 11, 18, 2017
FICTITIOUS BUSINESS NAME STATEMENT FILE NO. 2017039276
The following person(s) is (are) doing business as: TRUCKING, 6621 WILBUR AVE #9, RESEDA, CA 91335. Full name of registrant(s) is (are) DRAGOS RESSO, 6621 WILBUR AVE #9, RESEDA, CA 91334. This Business is conducted by: an Individual. Signed: Dragos Resso, Owner. This statement was filed with the County Clerk of Los Angeles County on 02/21/17. The registrant(s) has (have) commenced to transact business under the fictitious business name or names listed above on N/A. NOTICE- This Fictitious Name Statement expires five years from the date it was filed in the office of the County Clerk. A new Fictitious Business Name Statement must be filed prior to that date. The filing of this statement does not of itself authorize the use in this state of a Fictitious Business Name in violation of the rights of another under Federal, State, or common law (See section 14411 et seq. Business and Professions Code)
Publish: ES Mountain Views News Feb 25, March 4, 11, 18, 2017
FICTITIOUS BUSINESS NAME STATEMENT FILE NO. 2017040051
The following person(s) is (are) doing business as: BALIWAGS FOOD DISTRIBUTION, 8211 HAZELTINE AVE, PANORAMA CITY, CA 91402. Full name of registrant(s) is (are) CHRISTOPHER F. FRANCISCO, 8211 HAZELTINE AVE, PANORAMA CITY, CA 91402. This Business is conducted by: an Individual. Signed: Christopher F. Francisco, Owner. This statement was filed with the County Clerk of Los Angeles County on 02/16/17. The registrant(s) has (have) commenced to transact business under the fictitious business name or names listed above on N/A. NOTICE- This Fictitious Name Statement expires five years from the date it was filed in the office of the County Clerk. A new Fictitious Business Name Statement must be filed prior to that date. The filing of this statement does not of itself authorize the use in this state of a Fictitious Business Name in violation of the rights of another under Federal, State, or common law (See section 14411 et seq. Business and Professions Code)
Publish: ES Mountain Views News Feb 25, March 4, 11, 18, 2017
FICTITIOUS BUSINESS NAME STATEMENT FILE NO. 2017040155
The following person(s) is (are) doing business as: HOME CONNECTION, 10949 TUXFORD ST #2, SUN VALLEY, CA 91352; HOME CONNECTION, 925 HAVEN ST, SAN FERNANDO, CA 91340. Full name of registrant(s) is (are) JOEL GONZALEZ, 10949 TUXFORD ST #2, SUN VALLEY, CA 91352. This Business is conducted by: an Individual. Signed: Joel Gonzalez, Owner. This statement was filed with the County Clerk of Los Angeles County on 02/16/17. The registrant(s) has (have) commenced to transact business under the fictitious business name or names listed above on N/A. NOTICE- This Fictitious Name Statement expires five years from the date it was filed in the office of the County Clerk. A new Fictitious Business Name Statement must be filed prior to that date. The filing of this statement does not of itself authorize the use in this state of a Fictitious Business Name in violation of the rights of another under Federal, State, or common law (See section 14411 et seq. Business and Professions Code)
Publish: ES Mountain Views News Feb 25, March 4, 11, 18, 2017
FICTITIOUS BUSINESS NAME STATEMENT FILE NO. 2017040064
The following person(s) is (are) doing business as: MONO PALLETS INC, 9007 WILLIS AV #3, PANORAMA CITY, CA 91402. Full name of registrant(s) is (are) MONO PALLETS INC, 9007 WILLIS AV #3, PANORAMA CITY, CA 91402. This Business is conducted by: a Corporation. Signed: Mono Pallets Inc, Marco A. Soberde, President. This statement was filed with the County Clerk of Los Angeles County on 02/16/17. The registrant(s) has (have) commenced to transact business under the fictitious business name or names listed above on N/A. NOTICE- This Fictitious Name Statement expires five years from the date it was filed in the office of the County Clerk. A new Fictitious Business Name Statement must be filed prior to that date. The filing of this statement does not of itself authorize the use in this state of a Fictitious Business Name in violation of the rights of another under Federal, State, or common law (See section 14411 et seq. Business and Professions Code)
Publish: ES Mountain Views News Feb 25, March 4, 11, 18, 2017
FICTITIOUS BUSINESS NAME STATEMENT FILE NO. 2017041463
The following person(s) is (are) doing business as: IH TRANS, 1340 N. MARIPOSA AV. #6, LOS ANGELES, CA 90027. Full name of registrant(s) is (are) TAMARA HUNANYAN, 1340 N. MARIPOSA AV. #6, LOS ANGELES, CA 90027. This Business is conducted by: an Individual. Signed: Tamara Hunanyan, Owner. This statement was filed with the County Clerk of Los Angeles County on 02/17/17. The registrant(s) has (have) commenced to transact business under the fictitious business name or names listed above on N/A. NOTICE- This Fictitious Name Statement expires five years from the date it was filed in the office of the County Clerk. A new Fictitious Business Name Statement must be filed prior to that date. The filing of this statement does not of itself authorize the use in this state of a Fictitious Business Name in violation of the rights of another under Federal, State, or common law (See section 14411 et seq. Business and Professions Code)
Publish: ES Mountain Views News Feb 25, March 4, 11, 18, 2017
FICTITIOUS BUSINESS NAME STATEMENT FILE NO. 2017041545
The following person(s) is (are) doing business as: BE NAMES, 7026 GREEN VISTA CIRCLE, WEST HILLS, CA 91307. Full name of registrant(s) is (are) EDGARD KLAUS DAVILA, 7026 GREEN VISTA CIRCLE, WEST HILLS, CA 91307. This Business is conducted by: an Individual. Signed: Edgar Klaus Davila, Owner. This statement was filed with the County Clerk of Los Angeles County on 02/17/17. The registrant(s) has (have) commenced to transact business under the fictitious business name or names listed above on 02/2017. NOTICE- This Fictitious Name Statement expires five years from the date it was filed in the office of the County Clerk. A new Fictitious Business Name Statement must be filed prior to that date. The filing of this statement does not of itself authorize the use in this state of a Fictitious Business Name in violation of the rights of another under Federal, State, or common law (See section 14411 et seq. Business and Professions Code)
Publish: ES Mountain Views News Feb 25, March 4, 11, 18, 2017
FICTITIOUS BUSINESS NAME STATEMENT FILE NO. 2017041531
The following person(s) is (are) doing business as: EL ANTOJO MEXICAN RESTAURANT, 8490 VAN NUYS BLVD, PANORAMA CITY, CA 91402; EL ANTOJO MEXICAN RESTAURANT, 13603 VAN OWEN ST, VAN NUYS, CA 91405. Full name of registrant(s) is (are) GERARDO URIBE ARTEAGA, 13603 VAN OWEN ST, VAN NUYS, CA 91405. This Business is conducted by: an Individual. Signed: Gerardo Uribe Arteaga, Owner. This statement was filed with the County Clerk of Los Angeles County on 02/17/17. The registrant(s) has (have) commenced to transact business under the fictitious business name or names listed above on 02/2017. NOTICE- This Fictitious Name Statement expires five years from the date it was filed in the office of the County Clerk. A new Fictitious Business Name Statement must be filed prior to that date. The filing of this statement does not of itself authorize the use in this state of a Fictitious Business Name in violation of the rights of another under Federal, State, or common law (See section 14411 et seq. Business and Professions Code)
Publish: ES Mountain Views News Feb 25, March 4, 11, 18, 2017
FICTITIOUS BUSINESS NAME STATEMENT FILE NO. 2017041472
The following person(s) is (are) doing business as: D&G GARDENING SVC, 17932 SCHOENBORN ST, NORTHRIDGE, CA 91325-3629. Full name of registrant(s) is (are) ERNESTO GONZALEZ, 13651 DELGADILLO, 17932 SCHOENBORN ST, NORTHRIDGE, CA 91325-3629. This Business is conducted by: a General Partnership. Signed: Ernesto Gonzalez, Partner. This statement was filed with the County Clerk of Los Angeles County on 02/17/17. The registrant(s) has (have) commenced to transact business under the fictitious business name or names listed above on N/A. NOTICE- This Fictitious Name Statement expires five years from the date it was filed in the office of the County Clerk. A new Fictitious Business Name Statement must be filed prior to that date. The filing of this statement does not of itself authorize the use in this state of a Fictitious Business Name in violation of the rights of another under Federal, State, or common law (See section 14411 et seq. Business and Professions Code)
Publish: ES Mountain Views News Feb 25, March 4, 11, 18, 2017
FICTITIOUS BUSINESS NAME STATEMENT FILE NO. 2017041477
The following person(s) is (are) doing business as: SERV, 2129 N KENWOOD STREET, BURBANK, CA 91505; SERV, 2219 WEST OLIVE AVE STE 111, BURBANK, CA 91506. Full name of registrant(s) is (are) SERV DESIGN AND TECHNOLOGY INCORPORATED, 2129 N KENWOOD STREET, BURBANK, CA 91505. This Business is conducted by: a Corporation. Signed: Serv Design and Technology Incorporated, Ryan Regalado, President. This statement was filed with the County Clerk of Los Angeles County on 02/17/17. The registrant(s) has (have) commenced to transact business under the fictitious business name or names listed above on 02/2017. NOTICE- This Fictitious Name Statement expires five years from the date it was filed in the office of the County Clerk. A new Fictitious Business Name Statement must be filed prior to that date. The filing of this statement does not of itself authorize the use in this state of a Fictitious Business Name in violation of the rights of another under Federal, State, or common law (See section 14411 et seq. Business and Professions Code)
Publish: ES Mountain Views News Feb 25, March 4, 11, 18, 2017
FICTITIOUS BUSINESS NAME STATEMENT FILE NO. 2017041482
The following person(s) is (are) doing business as: TOBACCO PLUS, 0856 DE SOTO AVE, CANOGA PARK, CA 91303. Full name of registrant(s) is (are) JOHN BULLON, 145 W LORAINE ST UNIT 3, GLENDALE, CA 91202. This Business is conducted by: an Individual. Signed: John Bullon, Owner.
Feb 25, March 4, 11, 18, 2017
FICTITIOUS BUSINESS NAME STATEMENT FILE NO. 2017032447
The following person(s) is (are) doing business as: K2 TRUST, 1441 N. MCCADDEN PL, LOS ANGELES, CA 90028. Full name of registrant(s) is (are) CLINTON GONNELS, 1441 N MCCADDEN PL, HOLLYWOOD, CA 90028. This Business is conducted by: an Individual. Signed: Clinton Gonnels, Owner. This statement was filed with the County Clerk of Los Angeles County on 02/17/17. The registrant(s) has (have) commenced to transact business under the fictitious business name or names listed above on N/A. NOTICE- This Fictitious Name Statement expires five years from the date it was filed in the office of the County Clerk. A new Fictitious Business Name Statement must be filed prior to that date. The filing of this statement does not of itself authorize the use in this state of a Fictitious Business Name in violation of the rights of another under Federal, State, or common law (See section 14411 et seq. Business and Professions Code)
Publish: ES Mountain Views News Feb 25, March 4, 11, 18, 2017
FICTITIOUS BUSINESS NAME STATEMENT FILE NO. 2017038369
The following person(s) is (are) doing business as: CELESTIAL ANGELS CAREGIVER AGENCY, 5915 WOODMAN AVE #103, VAN NUYS, CA 91401. Full name of registrant(s) is (are) RUTHI SARAI, 5915 WOODMAN AVE #103, VAN NUYS, CA 91401. This Business is conducted by: an Individual. Signed: Ruth Sarai, Owner. This statement was filed with the County Clerk of Los Angeles County on 02/14/17. The registrant(s) has (have) commenced to transact business under the fictitious business name or names listed above on N/A. NOTICE- This Fictitious Name Statement expires five years from the date it was filed in the office of the County Clerk. A new Fictitious Business Name Statement must be filed prior to that date. The filing of this statement does not of itself authorize the use in this state of a Fictitious Business Name in violation of the rights of another under Federal, State, or common law (See section 14411 et seq. Business and Professions Code)
Publish: ES Mountain Views News Feb 25, March 4, 11, 18, 2017
FICTITIOUS BUSINESS NAME STATEMENT FILE NO. 2017040071
The following person(s) is (are) doing business as: TEAK FURNITURE CLEANING AND SEALING, 6415 S. VERMONT AVE, LOS ANGELES, CA 90044. Full name of registrant(s) is (are) RUTH BAUTISTA, 13006 BORDEN AVE, SYLMAR, CA 91342; RUTH BAUTISTA, 13006 BORDEN AVE, SYLMAR, CA 91342. This Business is conducted by: a Married Couple. Signed: Ruth Bautista, Owner. This statement was filed with the County Clerk of Los Angeles County on 02/16/17. The registrant(s) has (have) commenced to transact business under the fictitious business name or names listed above on 02/2002. NOTICE- This Fictitious Name Statement expires five years from the date it was filed in the office of the County Clerk. A new Fictitious Business Name Statement must be filed prior to that date. The filing of this statement does not of itself authorize the use in this state of a Fictitious Business Name in violation of the rights of another under Federal, State, or common law (See section 14411 et seq. Business and Professions Code)
Publish: ES Mountain Views News Feb 25, March 4, 11, 18, 2017
FICTITIOUS BUSINESS NAME STATEMENT FILE NO. 2017041107
The following person(s) is (are) doing business as: PREDICTIAN, 5857 BECKFORD AVE, TARZANA, CA 91356; 2017ADXX, 5857 BECKFORD AVE, TARZANA, CA 91356. Full name of registrant(s) is (are) DEMIN GREENE, 5857 BECKFORD AVE, TARZANA, CA 91356. This Business is conducted by: an Individual. Signed: Demin Greene, Owner. This statement was filed with the County Clerk of Los Angeles County on 02/17/17. The registrant(s) has (have) commenced to transact business under the fictitious business name or names listed above on N/A. NOTICE- This Fictitious Name Statement expires five years from the date it was filed in the office of the County Clerk. A new Fictitious Business Name Statement must be filed prior to that date. The filing of this statement does not of itself authorize the use in this state of a Fictitious Business Name in violation of the rights of another under Federal, State, or common law (See section 14411 et seq. Business and Professions Code)
Publish: ES Mountain Views News Feb 25, March 4, 11, 18, 2017
FICTITIOUS BUSINESS NAME STATEMENT FILE NO. 2017041487
The following person(s) is (are) doing business as: ALEX'S MECHANIC TIRE SHOP, 313 N AVALON BLVD, WILMINGTON, CA 90744. Full name of registrant(s) is (are) MARIA CRISTINA GUERRERO, 313 N AVALON BLVD, WILMINGTON, CA 90744. This Business is conducted by: an Individual. Signed: Maria Cristina Guerrero. This statement was filed with the County Clerk of Los Angeles County on 02/15/2017. The registrant(s) has (have) commenced to transact business under the fictitious business name or names listed above on 12/2016. NOTICE- This Fictitious Name Statement expires five years from the date it was filed in the office of the County Clerk. A new Fictitious Business Name Statement must be filed prior to that date. The filing of this statement does not of itself authorize the use in this state of a Fictitious Business Name in violation of the rights of another under Federal, State, or common law (See section 14411 et seq. Business and Professions Code)
Publish: Mountain Views News Dates Pub: Feb. 18, 25, March 04, 11, 2017
FICTITIOUS BUSINESS NAME STATEMENT FILE NO. 2017-037327
The following person(s) is (are) doing business as: ALL CARE DENTAL, 12907 DOWNEY AVE., DOWNEY, CA 90242. Full name of registrant(s) is (are) EHAB SAMAAN DDS, INC., 12907 DOWNEY AVE., DOWNEY, CA 90242. This Business is conducted by: A CORPORATION. Signed: NIRMALA MAHARAJ. This statement was filed with the County Clerk of Los Angeles County on 02/13/2017. The registrant(s) has (have) commenced to transact business under the fictitious business name or names listed above on 07/2016. NOTICE- This Fictitious Name Statement expires five years from the date it was filed in the office of the County Clerk. A new Fictitious Business Name Statement must be filed prior to that date. The filing of this statement does not of itself authorize the use in this state of a Fictitious Business Name in violation of the rights of another under Federal, State, or common law (See section 14411 et seq. Business and Professions Code)
Publish: Mountain Views News Dates Pub: Feb. 18, 25, March 04, 11, 2017
FICTITIOUS BUSINESS NAME STATEMENT FILE NO. 2017-037980
The following person(s) is (are) doing business as: ALVARADO LAW GROUP, 313 N. AVALON BLVD., WILMINGTON, CA 90744. Full name of registrant(s) is (are) BRITTINEY D. WASHINGTON, 313 N. AVALON BLVD., WILMINGTON, CA 90744. This Business is conducted by: AN INDIVIDUAL. Signed: BRITTINEY D. WASHINGTON. This statement was filed with the County Clerk of Los Angeles County on 02/14/2017. The registrant(s) has (have) not yet commenced to transact business under the fictitious business name or names listed above. NOTICE- This Fictitious Name Statement expires five years from the date it was filed in the office of the County Clerk. A new Fictitious Business Name Statement must be filed prior to that date. The filing of this statement does not of itself authorize the use in this state of a Fictitious Business Name in violation of the rights of another under Federal, State, or common law (See section 14411 et seq. Business and Professions Code)
Publish: Mountain Views News Dates Pub: Feb. 18, 25, March 04, 11, 2017
FICTITIOUS BUSINESS NAME STATEMENT FILE NO. 2017-036591
The following person(s) is (are) doing business as: BE WHOLE SALE, 9455 FLOWER ST. APT. 9, BELLFLOWER, CA 90706. Full name of registrant(s) is (are) NAZRUL ISLAM, 9455 FLOWER ST. APT. 9, BELLFLOWER, CA 90706. This Business is conducted by: A GENERAL PARTNERSHIP. Signed: HUMI BARUA. This statement was filed with the County Clerk of Los Angeles County on 02/13/2017. The registrant(s) has (have) commenced to transact business under the fictitious business name or names listed above on N/A. NOTICE- This Fictitious Name Statement expires five years from the date it was filed in the office of the County Clerk. A new Fictitious Business Name Statement must be filed prior to that date. The filing of this statement does not of itself authorize the use in this state of a Fictitious Business Name in violation of the rights of another under Federal, State, or common law (See section 14411 et seq. Business and Professions Code)
Publish: Mountain Views News Dates Pub: Feb. 18, 25, March 04, 11, 2017
FICTITIOUS BUSINESS NAME STATEMENT FILE NO. 2017-039294
The following person(s) is (are) doing business as: BERRIERA LA SUPREMA, 437 S AZUSA AVE, LA PUENTE, CA 91744. Full name of registrant(s) is (are) BERRIERA LA SUPREMA, LLC, 437 S AZUSA AVE, LA PUENTE, CA 91744. This Business is conducted by: A LIMITED LIABILITY COMPANY. Signed: JULIO CERVANTES. This statement was filed with the County Clerk of Los Angeles County on 02/15/2017. The registrant(s) has (have) commenced to transact business under the fictitious business name or names listed above on N/A. NOTICE- This Fictitious Name Statement expires five years from the date it was filed in the office of the County Clerk. A new Fictitious Business Name Statement must be filed prior to that date. The filing of this statement does not of itself authorize the use in this state of a Fictitious Business Name in violation of the rights of another under Federal, State, or common law (See section 14411 et seq. Business and Professions Code)
Publish: Mountain Views News Dates Pub: Feb. 18, 25, March 04, 11, 2017
FICTITIOUS BUSINESS NAME STATEMENT FILE NO. 2017-039711
The following person(s) is (are) doing business as: BLANCA HOME SERVICES, 22010 JUAN AVE, HAWAIIAN GARDENS, CA 90716. Full name of registrant(s) is (are) BLANCA VILLARREAL, 22010 JUAN AVE, HAWAIIAN GARDENS, CA 90716. This Business is conducted by: AN INDIVIDUAL. Signed: BLANCA SANCHEZ VILLARREAL. This statement was filed with the County Clerk of Los Angeles County on 02/15/2017. The registrant(s) has (have) commenced to transact business under the fictitious business name or names listed above on N/A. NOTICE- This Fictitious Name Statement expires five years from the date it was filed in the office of the County Clerk. A new Fictitious Business Name Statement must be filed prior to that date. The filing of this statement does not of itself authorize the use in this state of a Fictitious Business Name in violation of the rights of another under Federal, State, or common law (See section 14411 et seq. Business and Professions Code)
Publish: Mountain Views News Dates Pub: Feb. 18, 25, March 04, 11, 2017
Mountain Views News 80 W Sierra Madre Blvd. No. 327 Sierra Madre, Ca. 91024	Office: 626.355.2737 Fax: 626.609.3285	Email: editor@mtnviewsnews.com	Website: www.mtnviewsnews.com
